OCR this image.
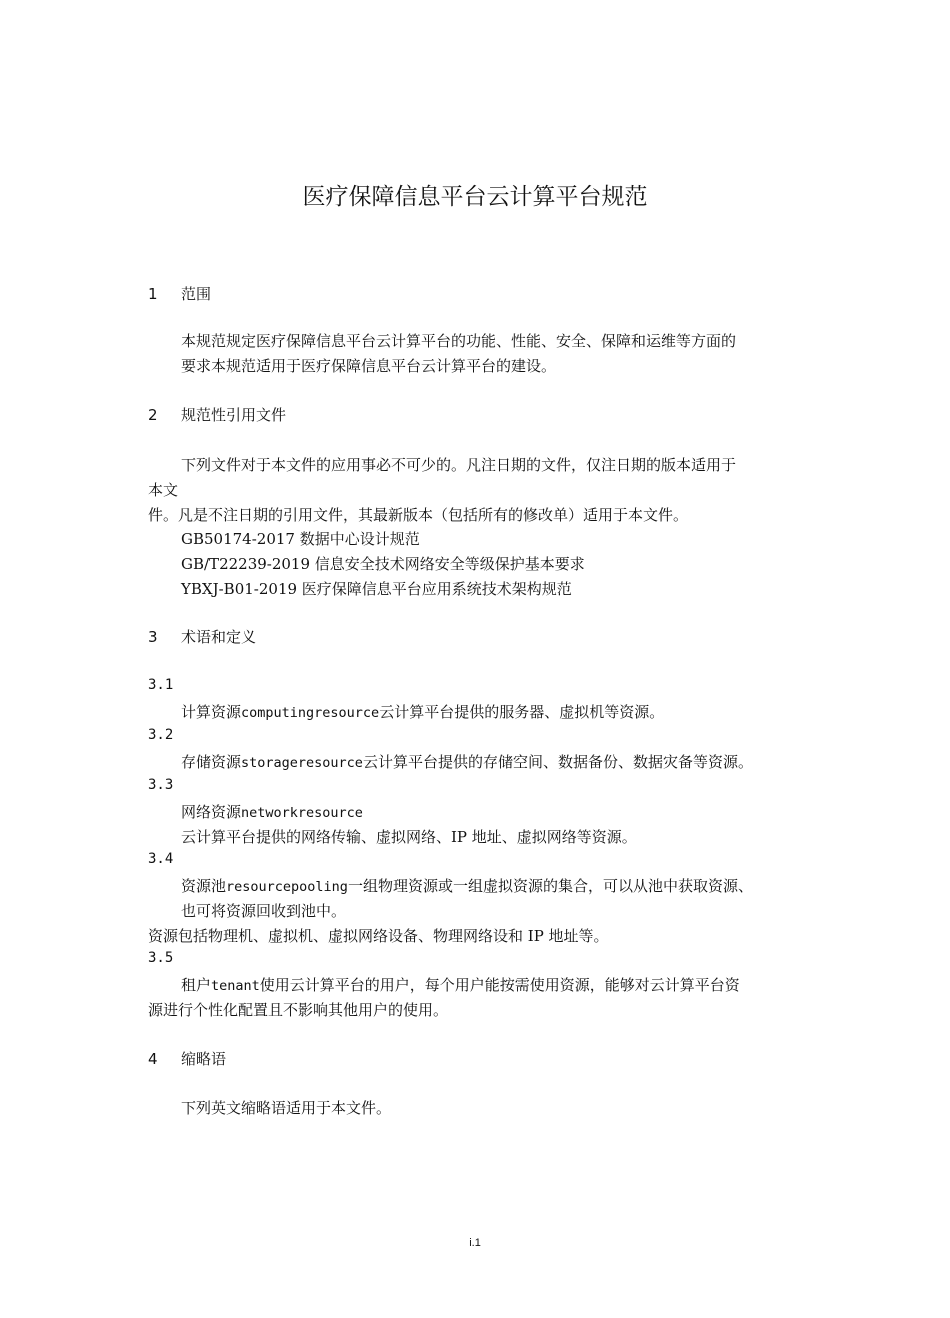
医疗保障信息平台云计算平台规范
1 范围
本规范规定医疗保障信息平台云计算平台的功能、性能、安全、保障和运维等方面的
要求本规范适用于医疗保障信息平台云计算平台的建设。
2 规范性引用文件
下列文件对于本文件的应用事必不可少的。凡注日期的文件，仅注日期的版本适用于
本文
件。凡是不注日期的引用文件，其最新版本（包括所有的修改单）适用于本文件。
GB50174-2017 数据中心设计规范
GB/T22239-2019 信息安全技术网络安全等级保护基本要求
YBXJ-B01-2019 医疗保障信息平台应用系统技术架构规范
3 术语和定义
3.1
计算资源computingresource云计算平台提供的服务器、虚拟机等资源。
3.2
存储资源storageresource云计算平台提供的存储空间、数据备份、数据灾备等资源。
3.3
网络资源networkresource
云计算平台提供的网络传输、虚拟网络、IP 地址、虚拟网络等资源。
3.4
资源池resourcepooling一组物理资源或一组虚拟资源的集合，可以从池中获取资源、
也可将资源回收到池中。
资源包括物理机、虚拟机、虚拟网络设备、物理网络设和 IP 地址等。
3.5
租户tenant使用云计算平台的用户，每个用户能按需使用资源，能够对云计算平台资
源进行个性化配置且不影响其他用户的使用。
4 缩略语
下列英文缩略语适用于本文件。
i.1
